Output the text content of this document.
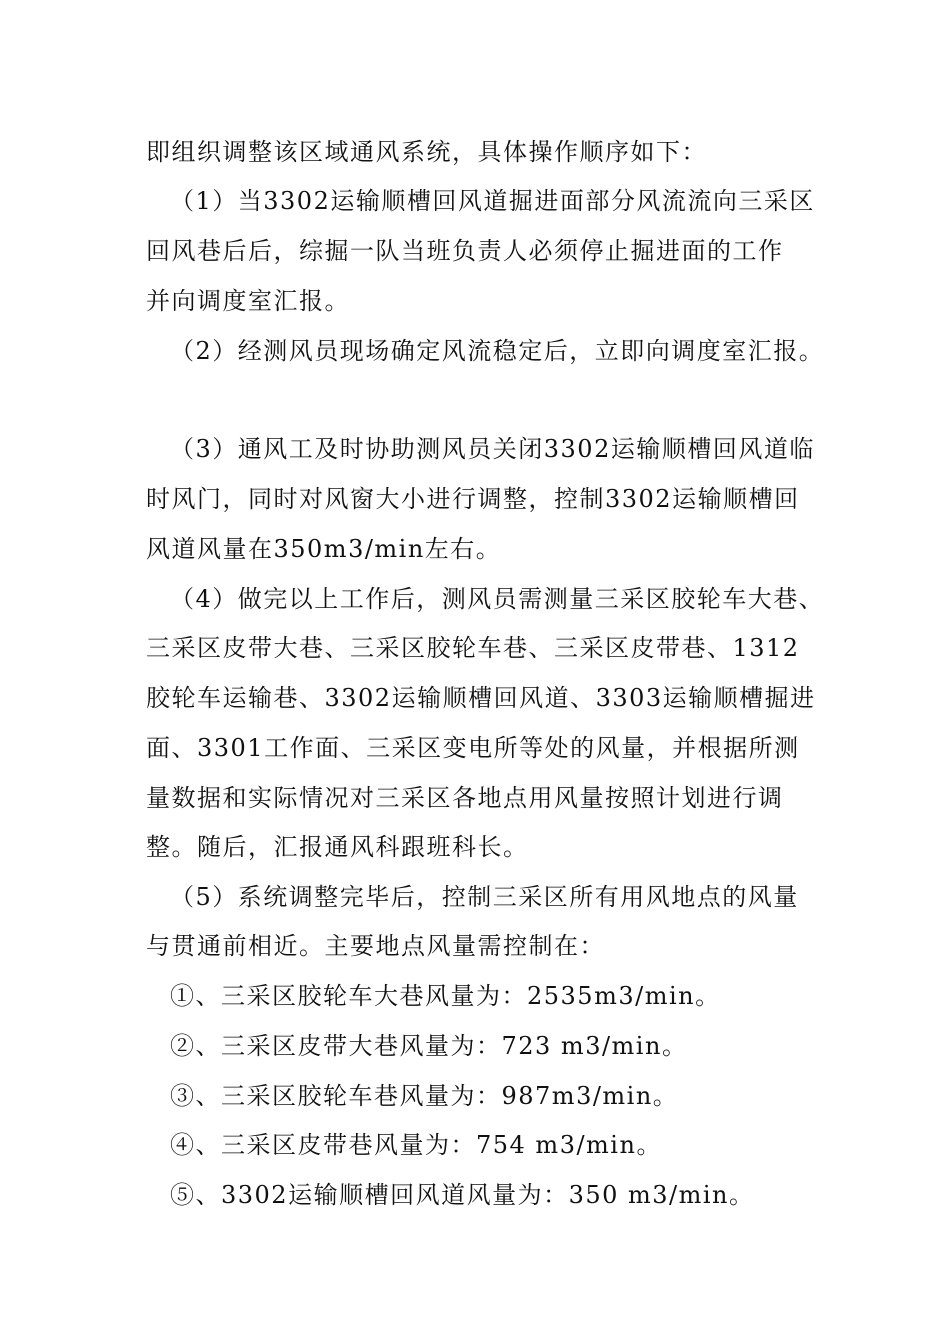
即组织调整该区域通风系统，具体操作顺序如下：
（1）当3302运输顺槽回风道掘进面部分风流流向三采区
回风巷后后，综掘一队当班负责人必须停止掘进面的工作
并向调度室汇报。
（2）经测风员现场确定风流稳定后，立即向调度室汇报。
（3）通风工及时协助测风员关闭3302运输顺槽回风道临
时风门，同时对风窗大小进行调整，控制3302运输顺槽回
风道风量在350m3/min左右。
（4）做完以上工作后，测风员需测量三采区胶轮车大巷、
三采区皮带大巷、三采区胶轮车巷、三采区皮带巷、1312
胶轮车运输巷、3302运输顺槽回风道、3303运输顺槽掘进
面、3301工作面、三采区变电所等处的风量，并根据所测
量数据和实际情况对三采区各地点用风量按照计划进行调
整。随后，汇报通风科跟班科长。
（5）系统调整完毕后，控制三采区所有用风地点的风量
与贯通前相近。主要地点风量需控制在：
①、三采区胶轮车大巷风量为：2535m3/min。
②、三采区皮带大巷风量为：723 m3/min。
③、三采区胶轮车巷风量为：987m3/min。
④、三采区皮带巷风量为：754 m3/min。
⑤、3302运输顺槽回风道风量为：350 m3/min。
